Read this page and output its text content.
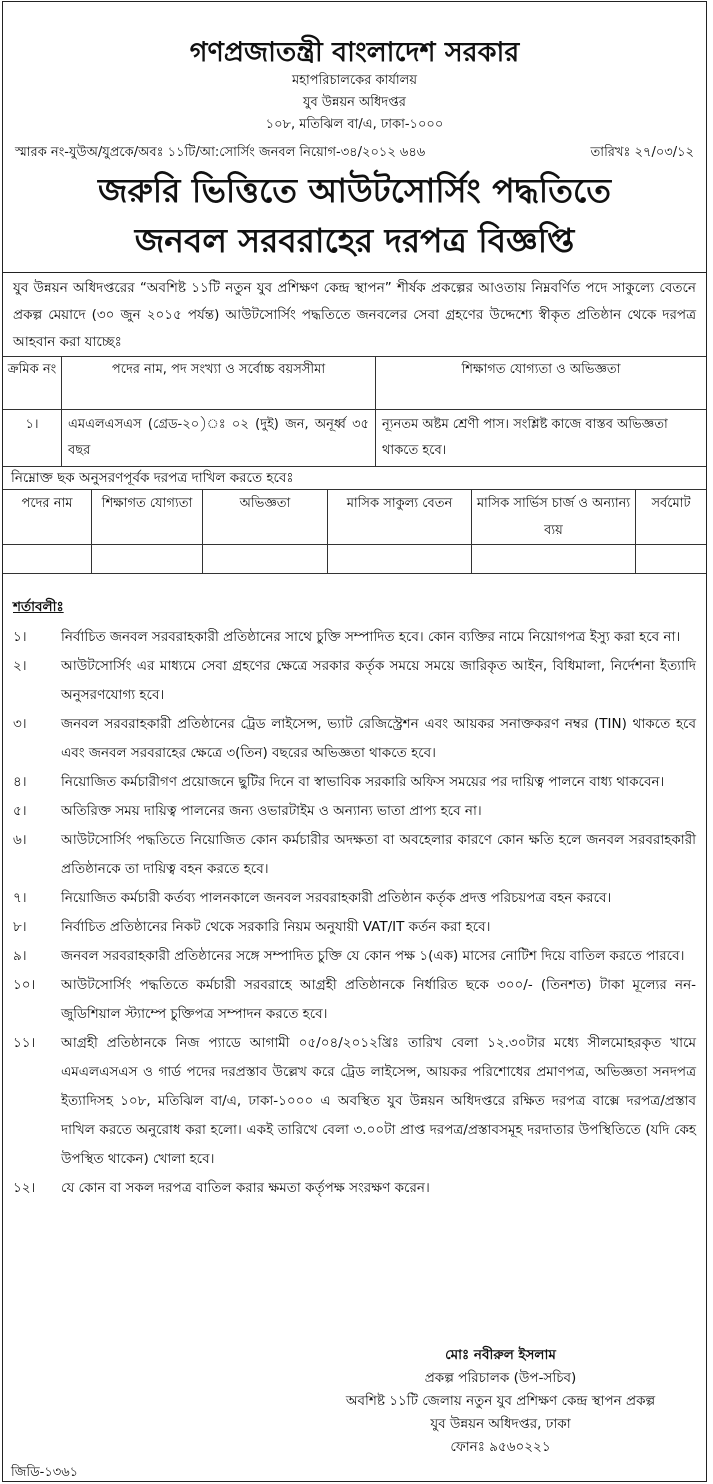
গণপ্রজাতন্ত্রী বাংলাদেশ সরকার
মহাপরিচালকের কার্যালয়
যুব উন্নয়ন অধিদপ্তর
১০৮, মতিঝিল বা/এ, ঢাকা-১০০০
স্মারক নং-যুউঅ/যুপ্রকে/অবঃ ১১টি/আ:সোর্সিং জনবল নিয়োগ-৩৪/২০১২ ৬৪৬	তারিখঃ ২৭/০৩/১২
জরুরি ভিত্তিতে আউটসোর্সিং পদ্ধতিতে
জনবল সরবরাহের দরপত্র বিজ্ঞপ্তি
যুব উন্নয়ন অধিদপ্তরের “অবশিষ্ট ১১টি নতুন যুব প্রশিক্ষণ কেন্দ্র স্থাপন” শীর্ষক প্রকল্পের আওতায় নিম্নবর্ণিত পদে সাকুল্যে বেতনে প্রকল্প মেয়াদে (৩০ জুন ২০১৫ পর্যন্ত) আউটসোর্সিং পদ্ধতিতে জনবলের সেবা গ্রহণের উদ্দেশ্যে স্বীকৃত প্রতিষ্ঠান থেকে দরপত্র আহবান করা যাচ্ছেঃ
ক্রমিক নং	পদের নাম, পদ সংখ্যা ও সর্বোচ্চ বয়সসীমা	শিক্ষাগত যোগ্যতা ও অভিজ্ঞতা
১।	এমএলএসএস (গ্রেড-২০)ঃ ০২ (দুই) জন, অনূর্ধ্ব ৩৫ বছর	ন্যূনতম অষ্টম শ্রেণী পাস। সংশ্লিষ্ট কাজে বাস্তব অভিজ্ঞতা থাকতে হবে।
নিম্নোক্ত ছক অনুসরণপূর্বক দরপত্র দাখিল করতে হবেঃ
পদের নাম	শিক্ষাগত যোগ্যতা	অভিজ্ঞতা	মাসিক সাকুল্য বেতন	মাসিক সার্ভিস চার্জ ও অন্যান্য ব্যয়	সর্বমোট

শর্তাবলীঃ
১।	নির্বাচিত জনবল সরবরাহকারী প্রতিষ্ঠানের সাথে চুক্তি সম্পাদিত হবে। কোন ব্যক্তির নামে নিয়োগপত্র ইস্যু করা হবে না।
২।	আউটসোর্সিং এর মাধ্যমে সেবা গ্রহণের ক্ষেত্রে সরকার কর্তৃক সময়ে সময়ে জারিকৃত আইন, বিধিমালা, নির্দেশনা ইত্যাদি অনুসরণযোগ্য হবে।
৩।	জনবল সরবরাহকারী প্রতিষ্ঠানের ট্রেড লাইসেন্স, ভ্যাট রেজিস্ট্রেশন এবং আয়কর সনাক্তকরণ নম্বর (TIN) থাকতে হবে এবং জনবল সরবরাহের ক্ষেত্রে ৩(তিন) বছরের অভিজ্ঞতা থাকতে হবে।
৪।	নিয়োজিত কর্মচারীগণ প্রয়োজনে ছুটির দিনে বা স্বাভাবিক সরকারি অফিস সময়ের পর দায়িত্ব পালনে বাধ্য থাকবেন।
৫।	অতিরিক্ত সময় দায়িত্ব পালনের জন্য ওভারটাইম ও অন্যান্য ভাতা প্রাপ্য হবে না।
৬।	আউটসোর্সিং পদ্ধতিতে নিয়োজিত কোন কর্মচারীর অদক্ষতা বা অবহেলার কারণে কোন ক্ষতি হলে জনবল সরবরাহকারী প্রতিষ্ঠানকে তা দায়িত্ব বহন করতে হবে।
৭।	নিয়োজিত কর্মচারী কর্তব্য পালনকালে জনবল সরবরাহকারী প্রতিষ্ঠান কর্তৃক প্রদত্ত পরিচয়পত্র বহন করবে।
৮।	নির্বাচিত প্রতিষ্ঠানের নিকট থেকে সরকারি নিয়ম অনুযায়ী VAT/IT কর্তন করা হবে।
৯।	জনবল সরবরাহকারী প্রতিষ্ঠানের সঙ্গে সম্পাদিত চুক্তি যে কোন পক্ষ ১(এক) মাসের নোটিশ দিয়ে বাতিল করতে পারবে।
১০।	আউটসোর্সিং পদ্ধতিতে কর্মচারী সরবরাহে আগ্রহী প্রতিষ্ঠানকে নির্ধারিত ছকে ৩০০/- (তিনশত) টাকা মূল্যের নন-জুডিশিয়াল স্ট্যাম্পে চুক্তিপত্র সম্পাদন করতে হবে।
১১।	আগ্রহী প্রতিষ্ঠানকে নিজ প্যাডে আগামী ০৫/০৪/২০১২খ্রিঃ তারিখ বেলা ১২.৩০টার মধ্যে সীলমোহরকৃত খামে এমএলএসএস ও গার্ড পদের দরপ্রস্তাব উল্লেখ করে ট্রেড লাইসেন্স, আয়কর পরিশোধের প্রমাণপত্র, অভিজ্ঞতা সনদপত্র ইত্যাদিসহ ১০৮, মতিঝিল বা/এ, ঢাকা-১০০০ এ অবস্থিত যুব উন্নয়ন অধিদপ্তরে রক্ষিত দরপত্র বাক্সে দরপত্র/প্রস্তাব দাখিল করতে অনুরোধ করা হলো। একই তারিখে বেলা ৩.০০টা প্রাপ্ত দরপত্র/প্রস্তাবসমূহ দরদাতার উপস্থিতিতে (যদি কেহ উপস্থিত থাকেন) খোলা হবে।
১২।	যে কোন বা সকল দরপত্র বাতিল করার ক্ষমতা কর্তৃপক্ষ সংরক্ষণ করেন।
মোঃ নবীরুল ইসলাম
প্রকল্প পরিচালক (উপ-সচিব)
অবশিষ্ট ১১টি জেলায় নতুন যুব প্রশিক্ষণ কেন্দ্র স্থাপন প্রকল্প
যুব উন্নয়ন অধিদপ্তর, ঢাকা
ফোনঃ ৯৫৬০২২১
জিডি-১৩৬১
